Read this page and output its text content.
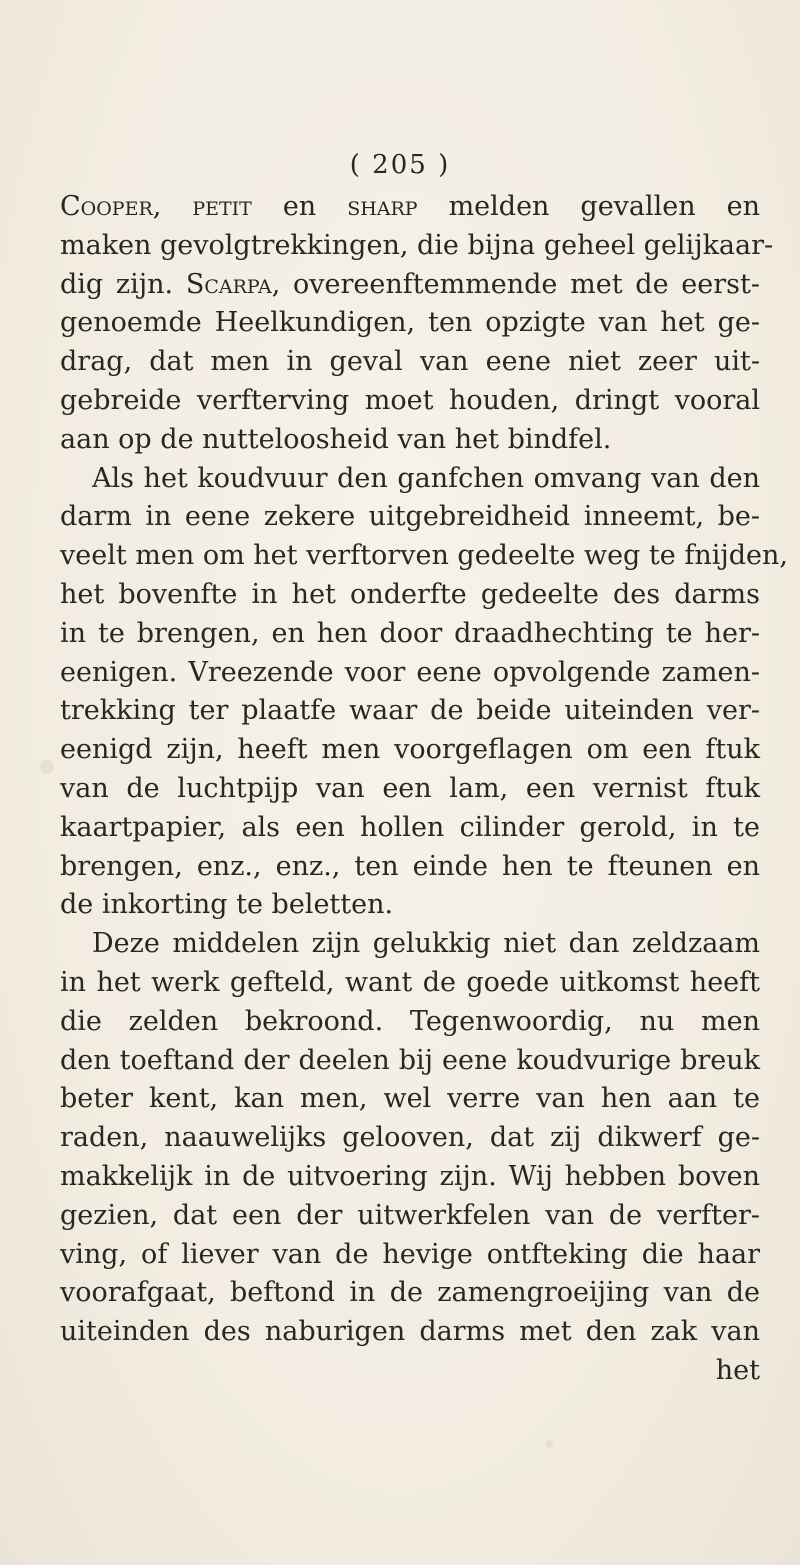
( 205 )
Cooper, petit en sharp melden gevallen en
maken gevolgtrekkingen, die bijna geheel gelijkaar-
dig zijn. Scarpa, overeenftemmende met de eerst-
genoemde Heelkundigen, ten opzigte van het ge-
drag, dat men in geval van eene niet zeer uit-
gebreide verfterving moet houden, dringt vooral
aan op de nutteloosheid van het bindfel.
Als het koudvuur den ganfchen omvang van den
darm in eene zekere uitgebreidheid inneemt, be-
veelt men om het verftorven gedeelte weg te fnijden,
het bovenfte in het onderfte gedeelte des darms
in te brengen, en hen door draadhechting te her-
eenigen. Vreezende voor eene opvolgende zamen-
trekking ter plaatfe waar de beide uiteinden ver-
eenigd zijn, heeft men voorgeflagen om een ftuk
van de luchtpijp van een lam, een vernist ftuk
kaartpapier, als een hollen cilinder gerold, in te
brengen, enz., enz., ten einde hen te fteunen en
de inkorting te beletten.
Deze middelen zijn gelukkig niet dan zeldzaam
in het werk gefteld, want de goede uitkomst heeft
die zelden bekroond. Tegenwoordig, nu men
den toeftand der deelen bij eene koudvurige breuk
beter kent, kan men, wel verre van hen aan te
raden, naauwelijks gelooven, dat zij dikwerf ge-
makkelijk in de uitvoering zijn. Wij hebben boven
gezien, dat een der uitwerkfelen van de verfter-
ving, of liever van de hevige ontfteking die haar
voorafgaat, beftond in de zamengroeijing van de
uiteinden des naburigen darms met den zak van
het
